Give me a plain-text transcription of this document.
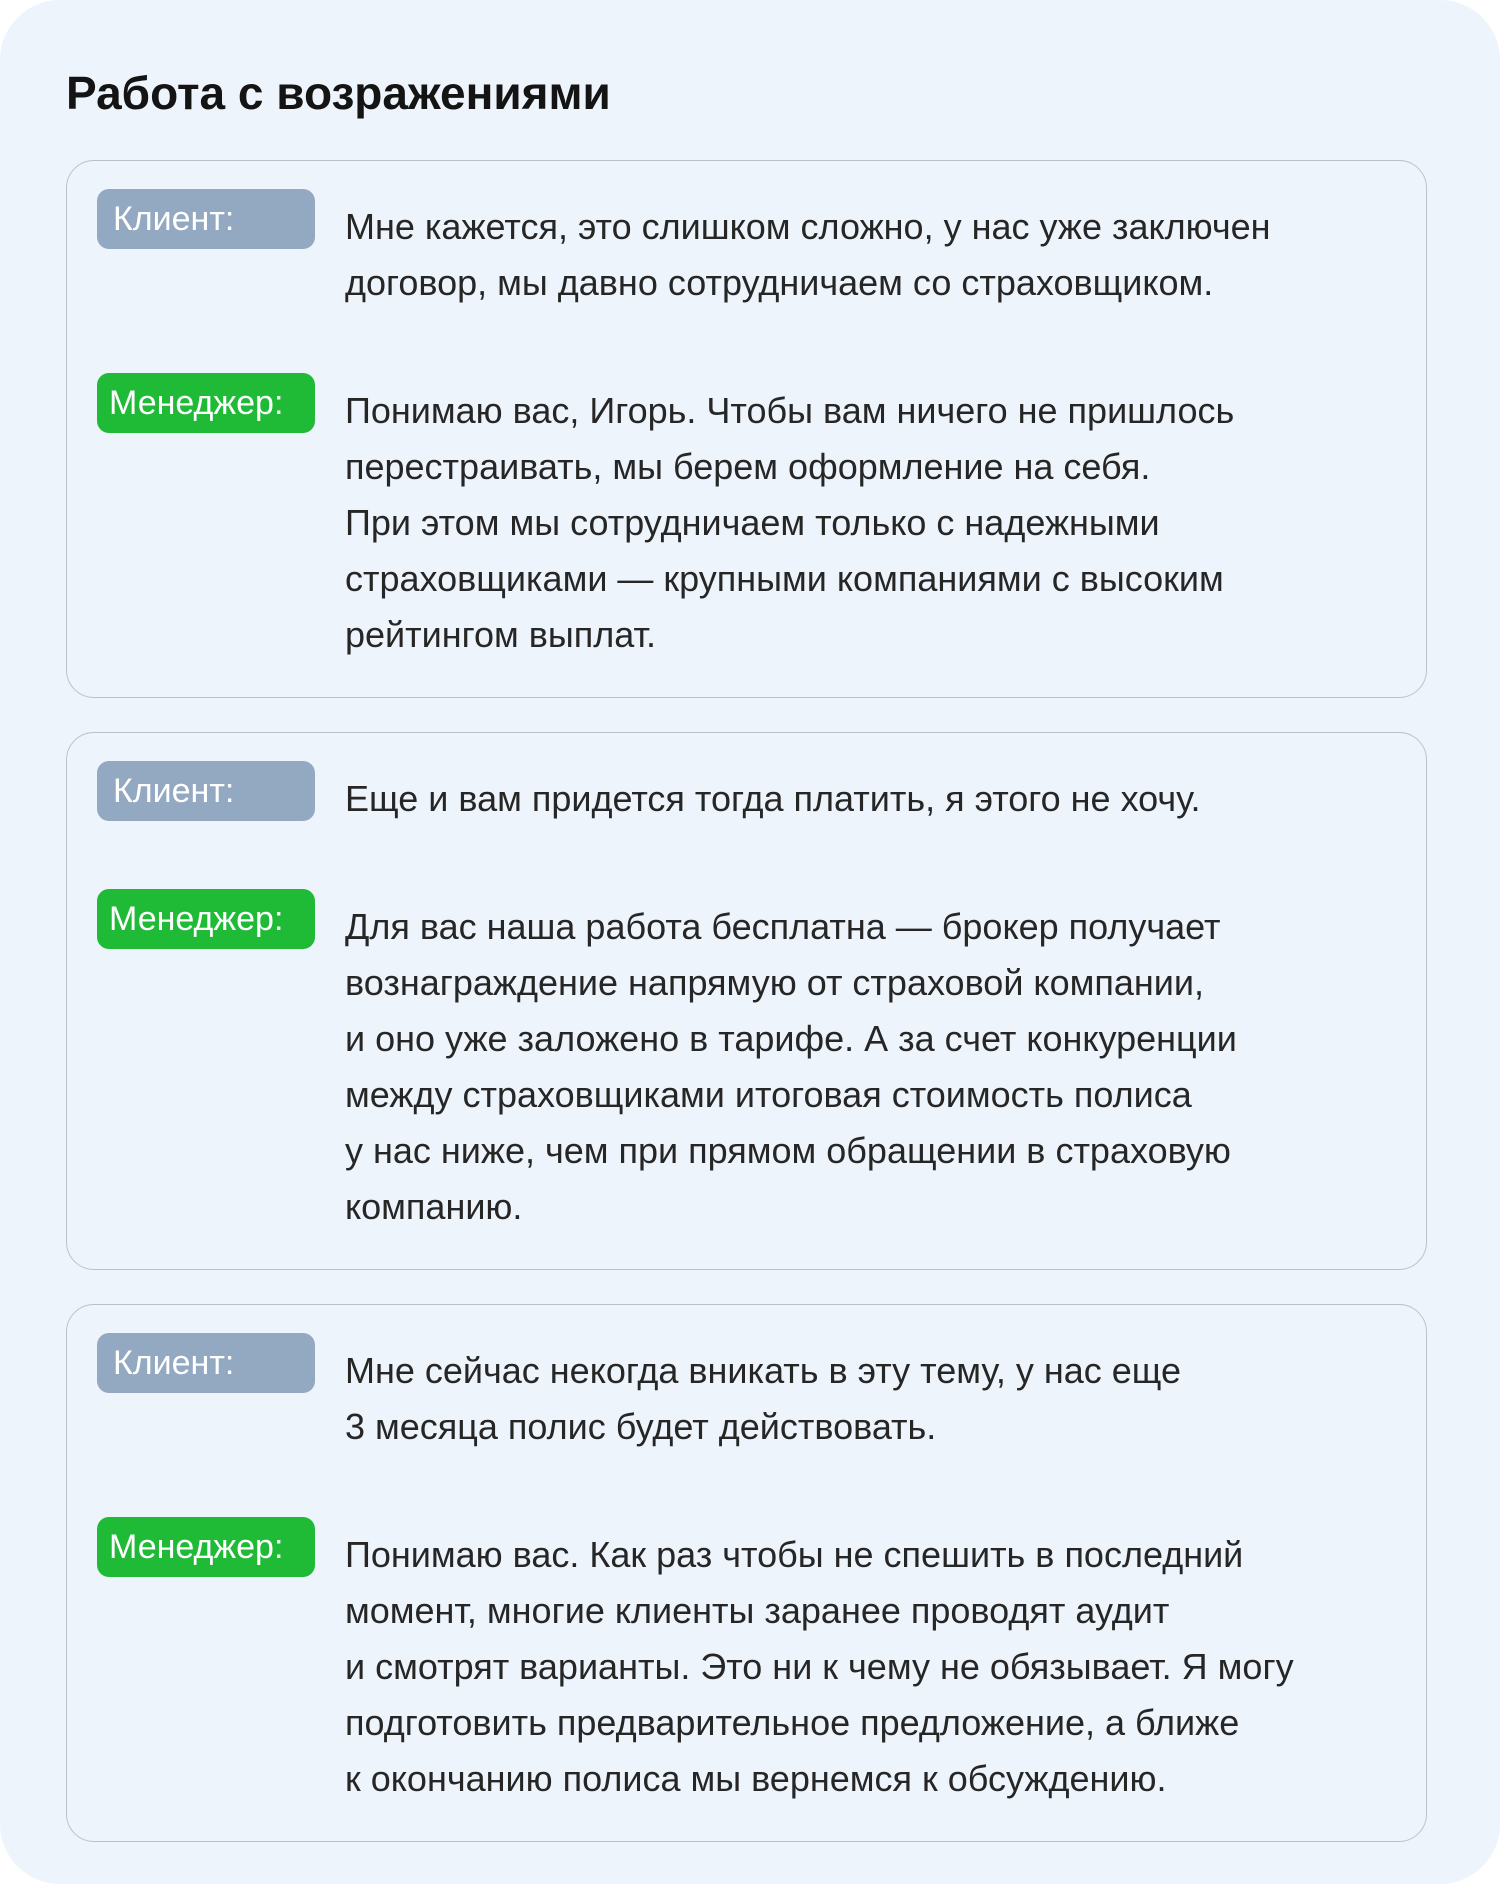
Работа с возражениями
Клиент:	Мне кажется, это слишком сложно, у нас уже заключен
договор, мы давно сотрудничаем со страховщиком.

Менеджер:	Понимаю вас, Игорь. Чтобы вам ничего не пришлось
перестраивать, мы берем оформление на себя.
При этом мы сотрудничаем только с надежными
страховщиками — крупными компаниями с высоким
рейтингом выплат.

Клиент:	Еще и вам придется тогда платить, я этого не хочу.

Менеджер:	Для вас наша работа бесплатна — брокер получает
вознаграждение напрямую от страховой компании,
и оно уже заложено в тарифе. А за счет конкуренции
между страховщиками итоговая стоимость полиса
у нас ниже, чем при прямом обращении в страховую
компанию.

Клиент:	Мне сейчас некогда вникать в эту тему, у нас еще
3 месяца полис будет действовать.

Менеджер:	Понимаю вас. Как раз чтобы не спешить в последний
момент, многие клиенты заранее проводят аудит
и смотрят варианты. Это ни к чему не обязывает. Я могу
подготовить предварительное предложение, а ближе
к окончанию полиса мы вернемся к обсуждению.
